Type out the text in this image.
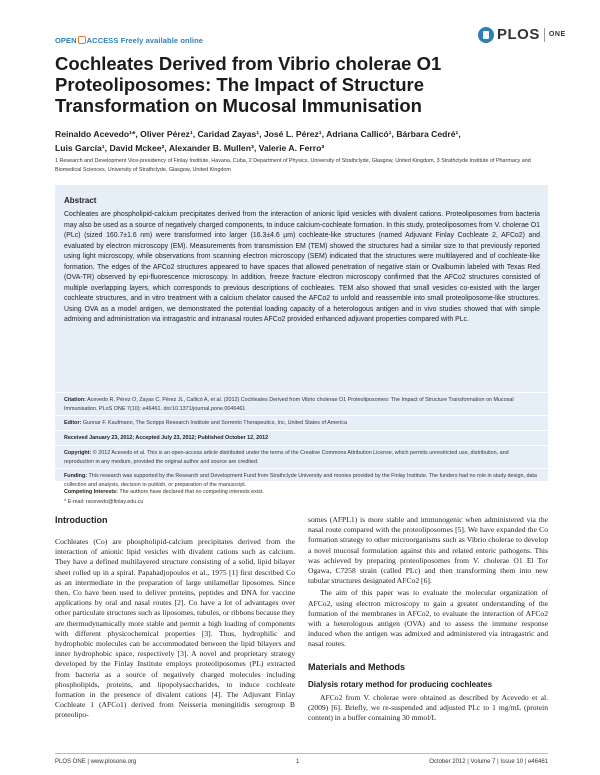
OPEN ACCESS Freely available online	PLOS ONE
Cochleates Derived from Vibrio cholerae O1 Proteoliposomes: The Impact of Structure Transformation on Mucosal Immunisation
Reinaldo Acevedo¹*, Oliver Pérez¹, Caridad Zayas¹, José L. Pérez¹, Adriana Callicó¹, Bárbara Cedré¹,
Luis García¹, David Mckee², Alexander B. Mullen³, Valerie A. Ferro³
1 Research and Development Vice-presidency of Finlay Institute, Havana, Cuba, 2 Department of Physics, University of Strathclyde, Glasgow, United Kingdom, 3 Strathclyde Institute of Pharmacy and Biomedical Sciences, University of Strathclyde, Glasgow, United Kingdom
Abstract
Cochleates are phospholipid-calcium precipitates derived from the interaction of anionic lipid vesicles with divalent cations. Proteoliposomes from bacteria may also be used as a source of negatively charged components, to induce calcium-cochleate formation. In this study, proteoliposomes from V. cholerae O1 (PLc) (sized 160.7±1.6 nm) were transformed into larger (16.3±4.6 µm) cochleate-like structures (named Adjuvant Finlay Cochleate 2, AFCo2) and evaluated by electron microscopy (EM). Measurements from transmission EM (TEM) showed the structures had a similar size to that previously reported using light microscopy, while observations from scanning electron microscopy (SEM) indicated that the structures were multilayered and of cochleate-like formation. The edges of the AFCo2 structures appeared to have spaces that allowed penetration of negative stain or Ovalbumin labeled with Texas Red (OVA-TR) observed by epi-fluorescence microscopy. In addition, freeze fracture electron microscopy confirmed that the AFCo2 structures consisted of multiple overlapping layers, which corresponds to previous descriptions of cochleates. TEM also showed that small vesicles co-existed with the larger cochleate structures, and in vitro treatment with a calcium chelator caused the AFCo2 to unfold and reassemble into small proteoliposome-like structures. Using OVA as a model antigen, we demonstrated the potential loading capacity of a heterologous antigen and in vivo studies showed that with simple admixing and administration via intragastric and intranasal routes AFCo2 provided enhanced adjuvant properties compared with PLc.
Citation: Acevedo R, Pérez O, Zayas C, Pérez JL, Callicó A, et al. (2012) Cochleates Derived from Vibrio cholerae O1 Proteoliposomes: The Impact of Structure Transformation on Mucosal Immunisation. PLoS ONE 7(10): e46461. doi:10.1371/journal.pone.0046461
Editor: Gunnar F. Kaufmann, The Scripps Research Institute and Sorrento Therapeutics, Inc, United States of America
Received January 23, 2012; Accepted July 23, 2012; Published October 12, 2012
Copyright: © 2012 Acevedo et al. This is an open-access article distributed under the terms of the Creative Commons Attribution License, which permits unrestricted use, distribution, and reproduction in any medium, provided the original author and source are credited.
Funding: This research was supported by the Research and Development Fund from Strathclyde University and monies provided by the Finlay Institute. The funders had no role in study design, data collection and analysis, decision to publish, or preparation of the manuscript.
Competing Interests: The authors have declared that no competing interests exist.
* E-mail: racevedo@finlay.edu.cu
Introduction

Cochleates (Co) are phospholipid-calcium precipitates derived from the interaction of anionic lipid vesicles with divalent cations such as calcium. They have a defined multilayered structure consisting of a solid, lipid bilayer sheet rolled up in a spiral. Papahadjopoulos et al., 1975 [1] first described Co as an intermediate in the preparation of large unilamellar liposomes. Since then, Co have been used to deliver proteins, peptides and DNA for vaccine applications by oral and nasal routes [2]. Co have a lot of advantages over other particulate structures such as liposomes, tubules, or ribbons because they are thermodynamically more stable and permit a high loading of components with different physicochemical properties [3]. Thus, hydrophilic and hydrophobic molecules can be accommodated between the lipid bilayers and inner hydrophobic space, respectively [3]. A novel and proprietary strategy developed by the Finlay Institute employs proteoliposomes (PL) extracted from bacteria as a source of negatively charged molecules including phospholipids, proteins, and lipopolysaccharides, to induce cochleate formation in the presence of divalent cations [4]. The Adjuvant Finlay Cochleate 1 (AFCo1) derived from Neisseria meningitidis serogroup B proteolipo-

somes (AFPL1) is more stable and immunogenic when administered via the nasal route compared with the proteoliposomes [5]. We have expanded the Co formation strategy to other microorganisms such as Vibrio cholerae to develop a novel mucosal formulation against this and related enteric pathogens. This was achieved by preparing proteoliposomes from V. cholerae O1 El Tor Ogawa, C7258 strain (called PLc) and then transforming them into new tubular structures designated AFCo2 [6].

The aim of this paper was to evaluate the molecular organization of AFCo2, using electron microscopy to gain a greater understanding of the formation of the membranes in AFCo2, to evaluate the interaction of AFCo2 with a heterologous antigen (OVA) and to assess the immune response induced when the antigen was admixed and administered via intragastric and nasal routes.

Materials and Methods
Dialysis rotary method for producing cochleates

AFCo2 from V. cholerae were obtained as described by Acevedo et al. (2009) [6]. Briefly, we re-suspended and adjusted PLc to 1 mg/mL (protein content) in a buffer containing 30 mmol/L

PLOS ONE | www.plosone.org	1	October 2012 | Volume 7 | Issue 10 | e46461
